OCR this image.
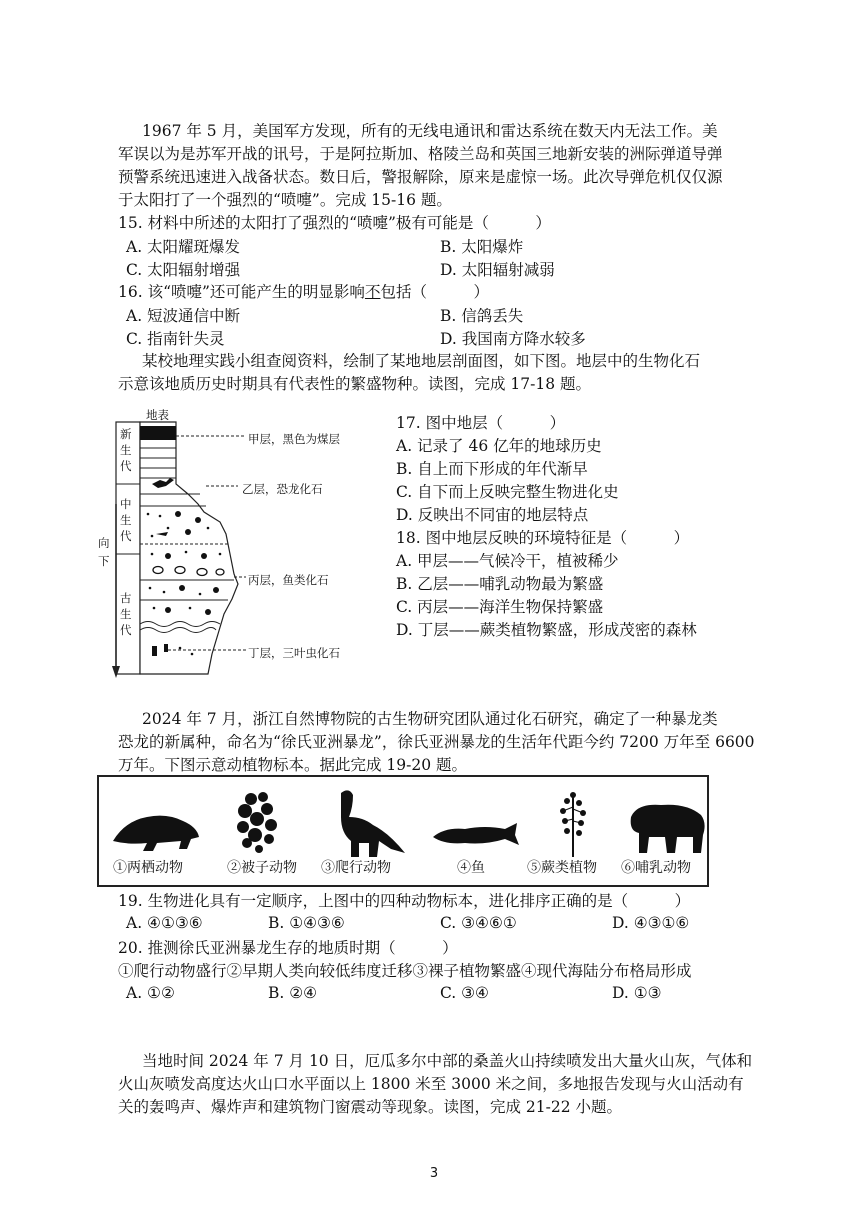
1967 年 5 月，美国军方发现，所有的无线电通讯和雷达系统在数天内无法工作。美
军误以为是苏军开战的讯号，于是阿拉斯加、格陵兰岛和英国三地新安装的洲际弹道导弹
预警系统迅速进入战备状态。数日后，警报解除，原来是虚惊一场。此次导弹危机仅仅源
于太阳打了一个强烈的“喷嚏”。完成 15-16 题。
15. 材料中所述的太阳打了强烈的“喷嚏”极有可能是（　　　）
A. 太阳耀斑爆发	B. 太阳爆炸
C. 太阳辐射增强	D. 太阳辐射减弱
16. 该“喷嚏”还可能产生的明显影响不包括（　　　）
A. 短波通信中断	B. 信鸽丢失
C. 指南针失灵	D. 我国南方降水较多
某校地理实践小组查阅资料，绘制了某地地层剖面图，如下图。地层中的生物化石
示意该地质历史时期具有代表性的繁盛物种。读图，完成 17-18 题。
地表
新生代
中生代
古生代
向下
甲层，黑色为煤层
乙层，恐龙化石
丙层，鱼类化石
丁层，三叶虫化石
17. 图中地层（　　　）
A. 记录了 46 亿年的地球历史
B. 自上而下形成的年代渐早
C. 自下而上反映完整生物进化史
D. 反映出不同宙的地层特点
18. 图中地层反映的环境特征是（　　　）
A. 甲层——气候冷干，植被稀少
B. 乙层——哺乳动物最为繁盛
C. 丙层——海洋生物保持繁盛
D. 丁层——蕨类植物繁盛，形成茂密的森林
2024 年 7 月，浙江自然博物院的古生物研究团队通过化石研究，确定了一种暴龙类
恐龙的新属种，命名为“徐氏亚洲暴龙”，徐氏亚洲暴龙的生活年代距今约 7200 万年至 6600
万年。下图示意动植物标本。据此完成 19-20 题。
①两栖动物	②被子动物 ③爬行动物	④鱼	⑤蕨类植物 ⑥哺乳动物
19. 生物进化具有一定顺序，上图中的四种动物标本，进化排序正确的是（　　　）
A. ④①③⑥	B. ①④③⑥	C. ③④⑥①	D. ④③①⑥
20. 推测徐氏亚洲暴龙生存的地质时期（　　　）
①爬行动物盛行②早期人类向较低纬度迁移③裸子植物繁盛④现代海陆分布格局形成
A. ①②	B. ②④	C. ③④	D. ①③
当地时间 2024 年 7 月 10 日，厄瓜多尔中部的桑盖火山持续喷发出大量火山灰，气体和
火山灰喷发高度达火山口水平面以上 1800 米至 3000 米之间，多地报告发现与火山活动有
关的轰鸣声、爆炸声和建筑物门窗震动等现象。读图，完成 21-22 小题。
3
